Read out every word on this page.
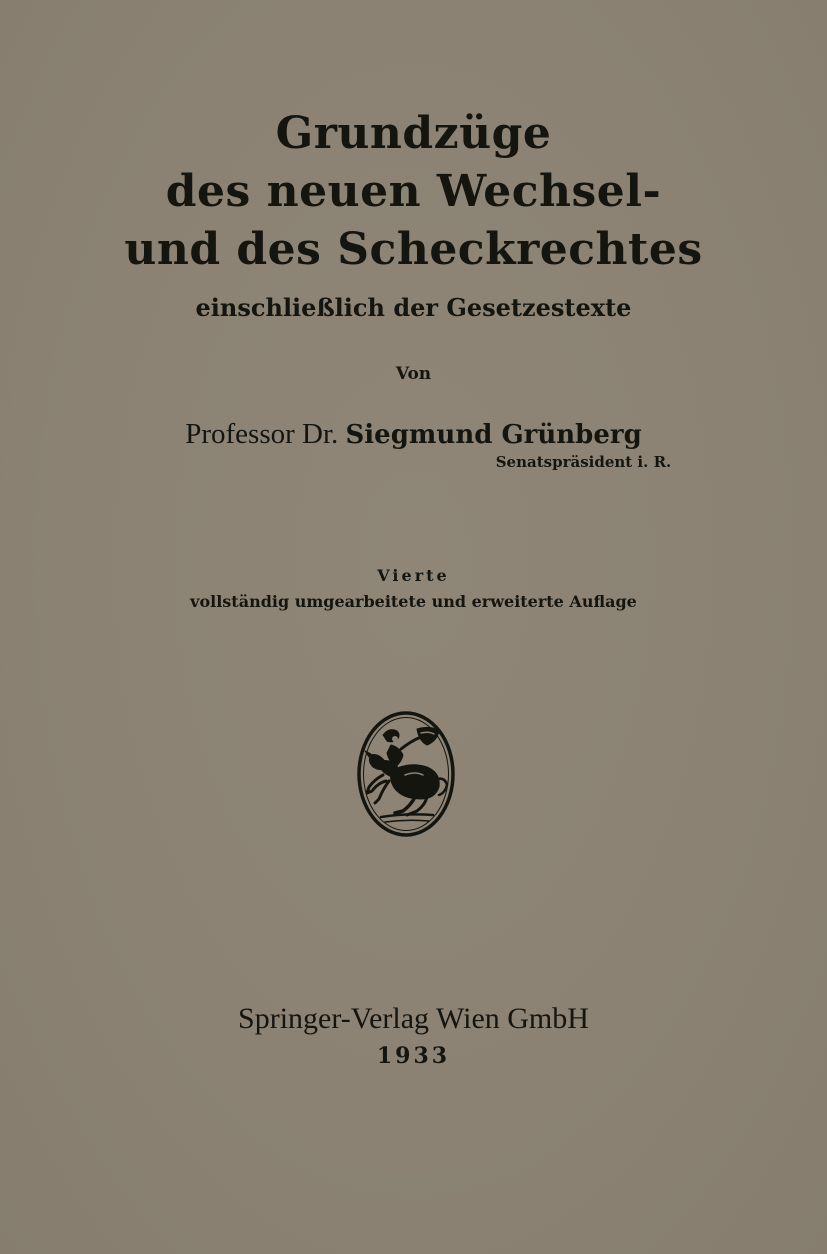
Grundzüge
des neuen Wechsel-
und des Scheckrechtes
einschließlich der Gesetzestexte
Von
Professor Dr. Siegmund Grünberg
Senatspräsident i. R.
Vierte
vollständig umgearbeitete und erweiterte Auflage
Springer-Verlag Wien GmbH
1933
